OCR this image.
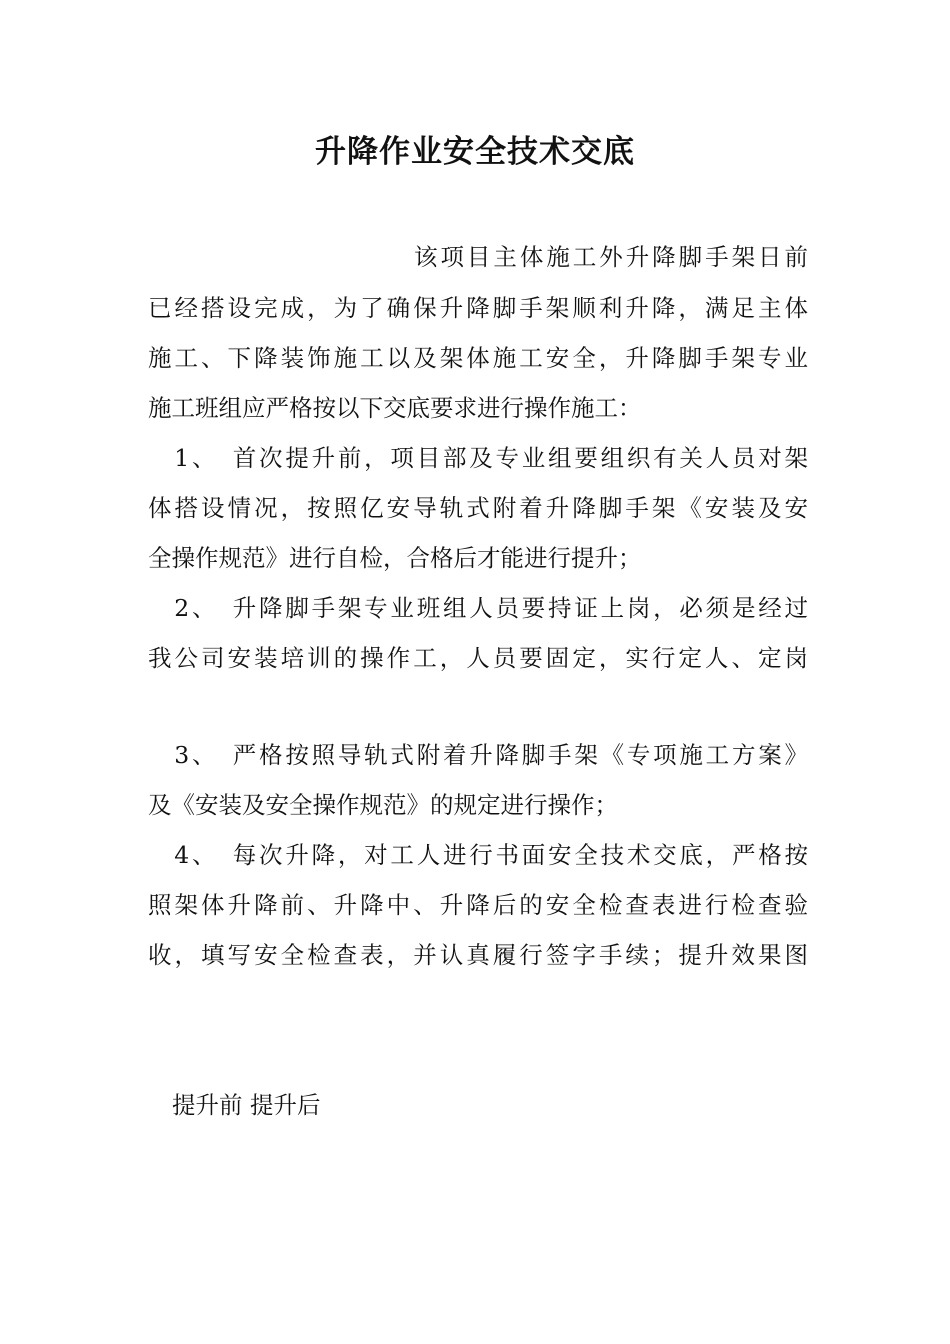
升降作业安全技术交底

该项目主体施工外升降脚手架日前

已经搭设完成，为了确保升降脚手架顺利升降，满足主体

施工、下降装饰施工以及架体施工安全，升降脚手架专业

施工班组应严格按以下交底要求进行操作施工：

　1、　首次提升前，项目部及专业组要组织有关人员对架

体搭设情况，按照亿安导轨式附着升降脚手架《安装及安

全操作规范》进行自检，合格后才能进行提升；

　2、　升降脚手架专业班组人员要持证上岗，必须是经过

我公司安装培训的操作工，人员要固定，实行定人、定岗

　3、　严格按照导轨式附着升降脚手架《专项施工方案》

及《安装及安全操作规范》的规定进行操作；

　4、　每次升降，对工人进行书面安全技术交底，严格按

照架体升降前、升降中、升降后的安全检查表进行检查验

收，填写安全检查表，并认真履行签字手续；提升效果图

提升前 提升后
